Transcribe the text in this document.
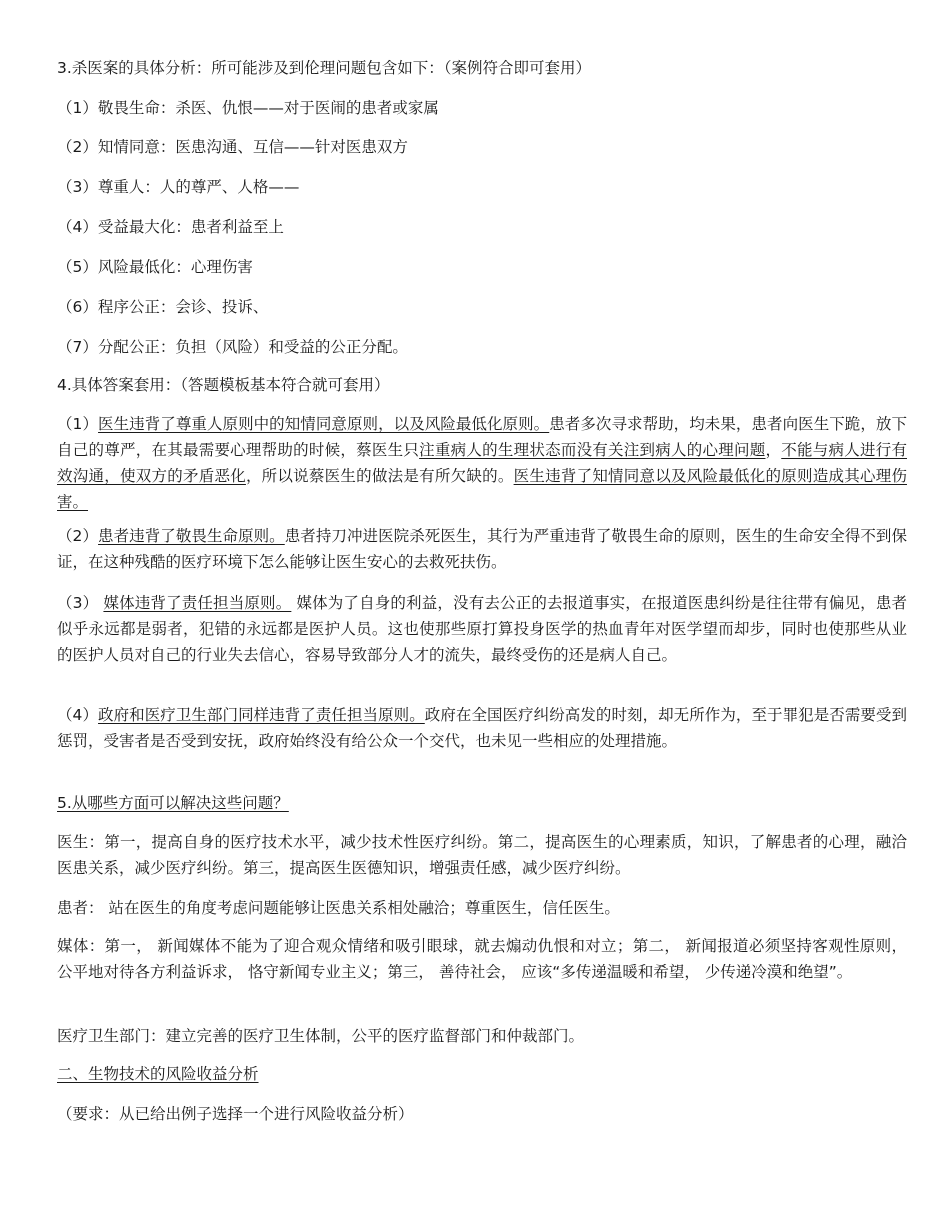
3.杀医案的具体分析：所可能涉及到伦理问题包含如下：（案例符合即可套用）

（1）敬畏生命：杀医、仇恨——对于医闹的患者或家属

（2）知情同意：医患沟通、互信——针对医患双方

（3）尊重人：人的尊严、人格——

（4）受益最大化：患者利益至上

（5）风险最低化：心理伤害

（6）程序公正：会诊、投诉、

（7）分配公正：负担（风险）和受益的公正分配。

4.具体答案套用：（答题模板基本符合就可套用）

（1）医生违背了尊重人原则中的知情同意原则，以及风险最低化原则。患者多次寻求帮助，均未果，患者向医生下跪，放下自己的尊严，在其最需要心理帮助的时候，蔡医生只注重病人的生理状态而没有关注到病人的心理问题，不能与病人进行有效沟通，使双方的矛盾恶化，所以说蔡医生的做法是有所欠缺的。医生违背了知情同意以及风险最低化的原则造成其心理伤害。

（2）患者违背了敬畏生命原则。患者持刀冲进医院杀死医生，其行为严重违背了敬畏生命的原则，医生的生命安全得不到保证，在这种残酷的医疗环境下怎么能够让医生安心的去救死扶伤。

（3） 媒体违背了责任担当原则。 媒体为了自身的利益，没有去公正的去报道事实，在报道医患纠纷是往往带有偏见，患者似乎永远都是弱者，犯错的永远都是医护人员。这也使那些原打算投身医学的热血青年对医学望而却步，同时也使那些从业的医护人员对自己的行业失去信心，容易导致部分人才的流失，最终受伤的还是病人自己。

（4）政府和医疗卫生部门同样违背了责任担当原则。政府在全国医疗纠纷高发的时刻，却无所作为，至于罪犯是否需要受到惩罚，受害者是否受到安抚，政府始终没有给公众一个交代，也未见一些相应的处理措施。

5.从哪些方面可以解决这些问题？

医生：第一，提高自身的医疗技术水平，减少技术性医疗纠纷。第二，提高医生的心理素质，知识，了解患者的心理，融洽医患关系，减少医疗纠纷。第三，提高医生医德知识，增强责任感，减少医疗纠纷。

患者： 站在医生的角度考虑问题能够让医患关系相处融洽；尊重医生，信任医生。

媒体：第一， 新闻媒体不能为了迎合观众情绪和吸引眼球，就去煽动仇恨和对立；第二， 新闻报道必须坚持客观性原则， 公平地对待各方利益诉求， 恪守新闻专业主义；第三， 善待社会， 应该“多传递温暖和希望， 少传递冷漠和绝望”。

医疗卫生部门：建立完善的医疗卫生体制，公平的医疗监督部门和仲裁部门。

二、生物技术的风险收益分析

（要求：从已给出例子选择一个进行风险收益分析）
